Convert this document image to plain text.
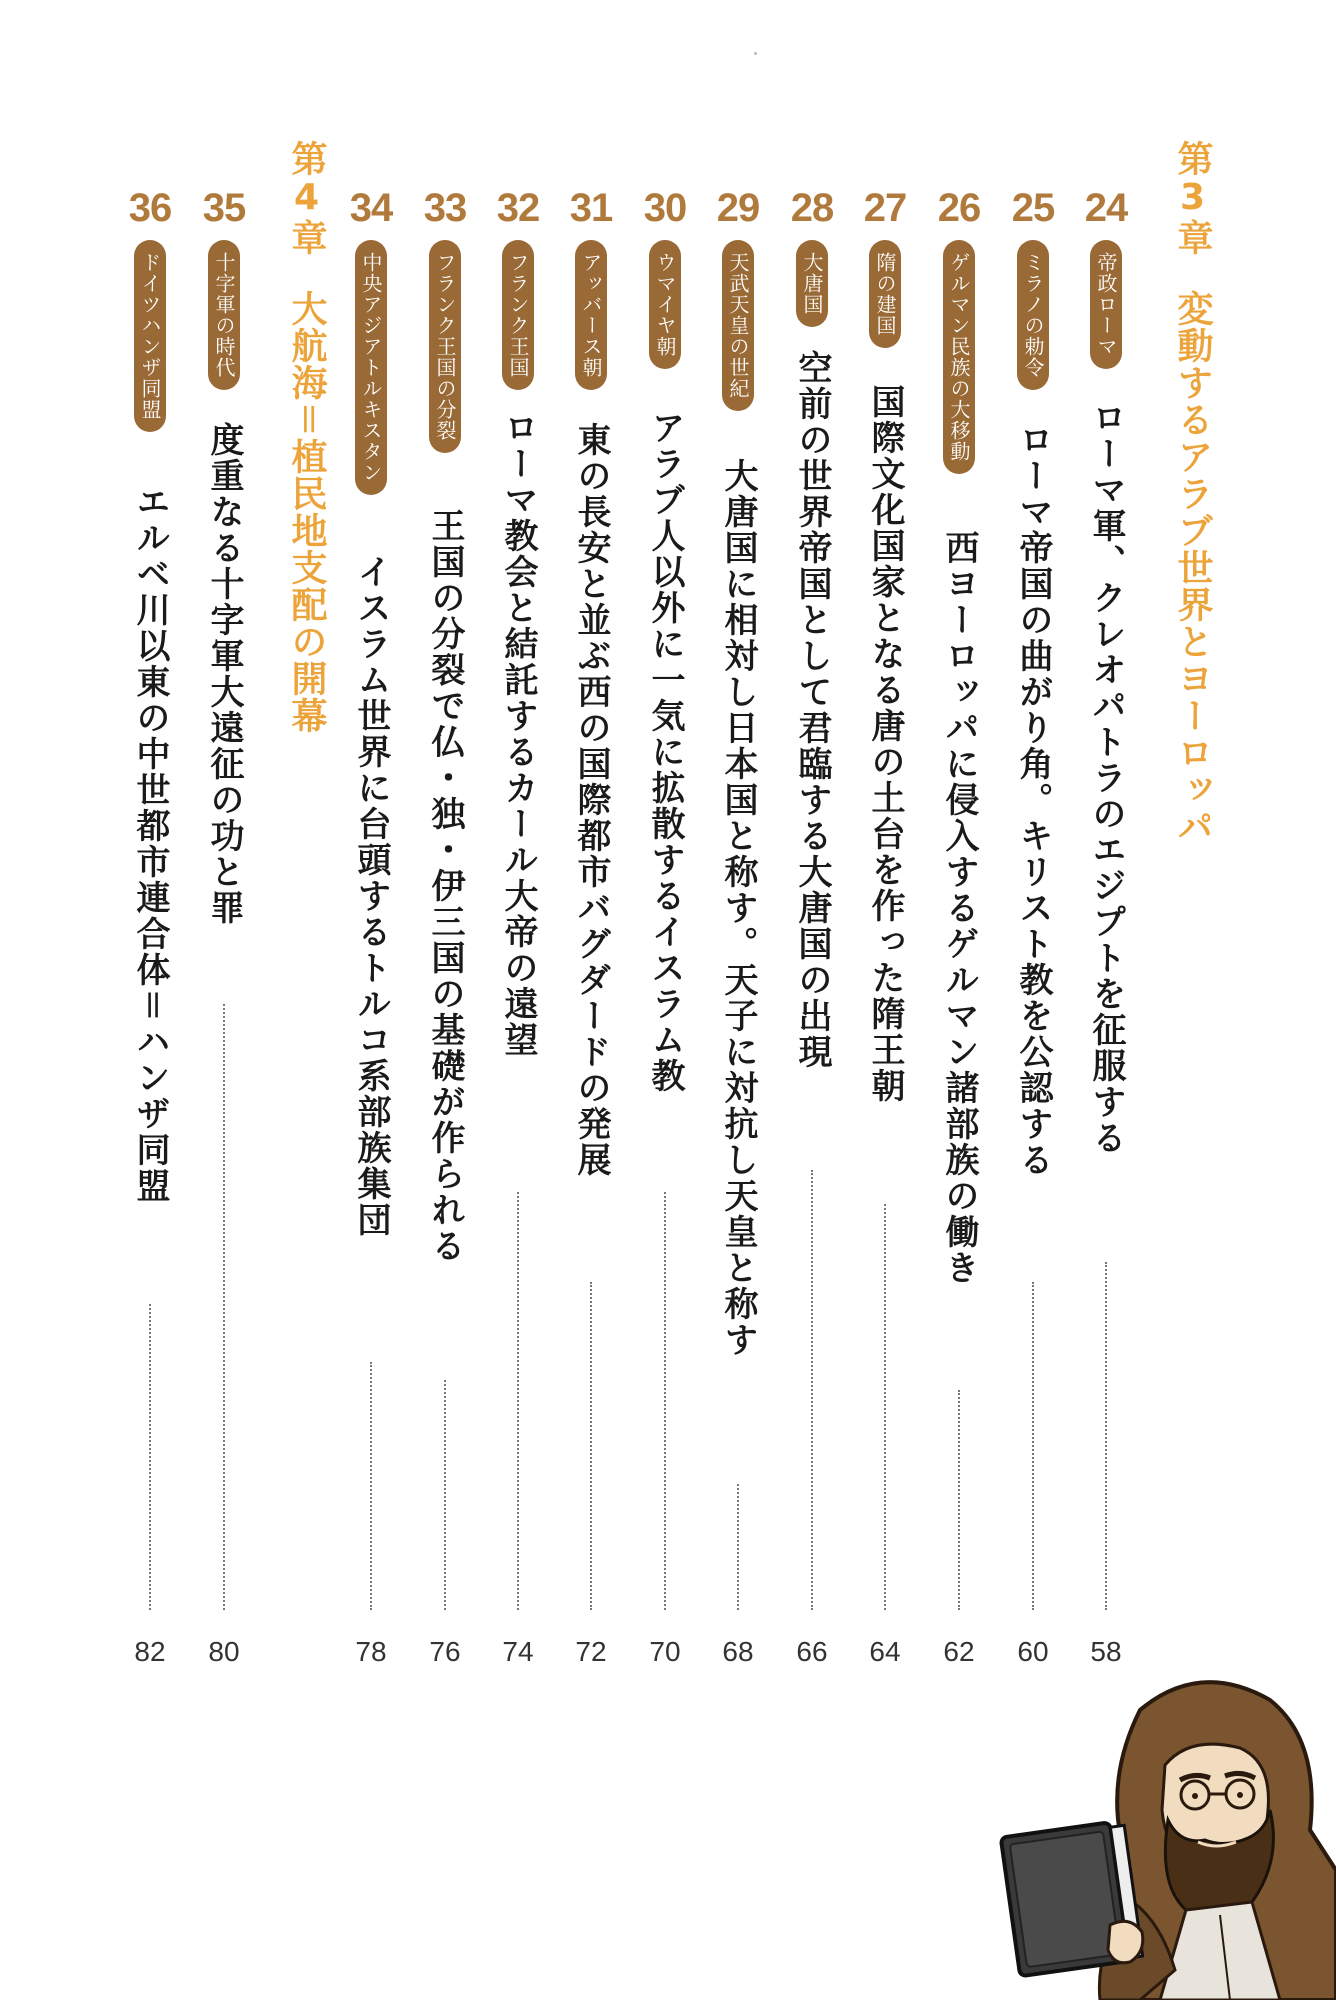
第3章変動するアラブ世界とヨーロッパ
第4章大航海＝植民地支配の開幕
24
帝政ローマ
ローマ軍、クレオパトラのエジプトを征服する
58
25
ミラノの勅令
ローマ帝国の曲がり角。キリスト教を公認する
60
26
ゲルマン民族の大移動
西ヨーロッパに侵入するゲルマン諸部族の働き
62
27
隋の建国
国際文化国家となる唐の土台を作った隋王朝
64
28
大唐国
空前の世界帝国として君臨する大唐国の出現
66
29
天武天皇の世紀
大唐国に相対し日本国と称す。天子に対抗し天皇と称す
68
30
ウマイヤ朝
アラブ人以外に一気に拡散するイスラム教
70
31
アッバース朝
東の長安と並ぶ西の国際都市バグダードの発展
72
32
フランク王国
ローマ教会と結託するカール大帝の遠望
74
33
フランク王国の分裂
王国の分裂で仏・独・伊三国の基礎が作られる
76
34
中央アジアトルキスタン
イスラム世界に台頭するトルコ系部族集団
78
35
十字軍の時代
度重なる十字軍大遠征の功と罪
80
36
ドイツハンザ同盟
エルベ川以東の中世都市連合体＝ハンザ同盟
82
